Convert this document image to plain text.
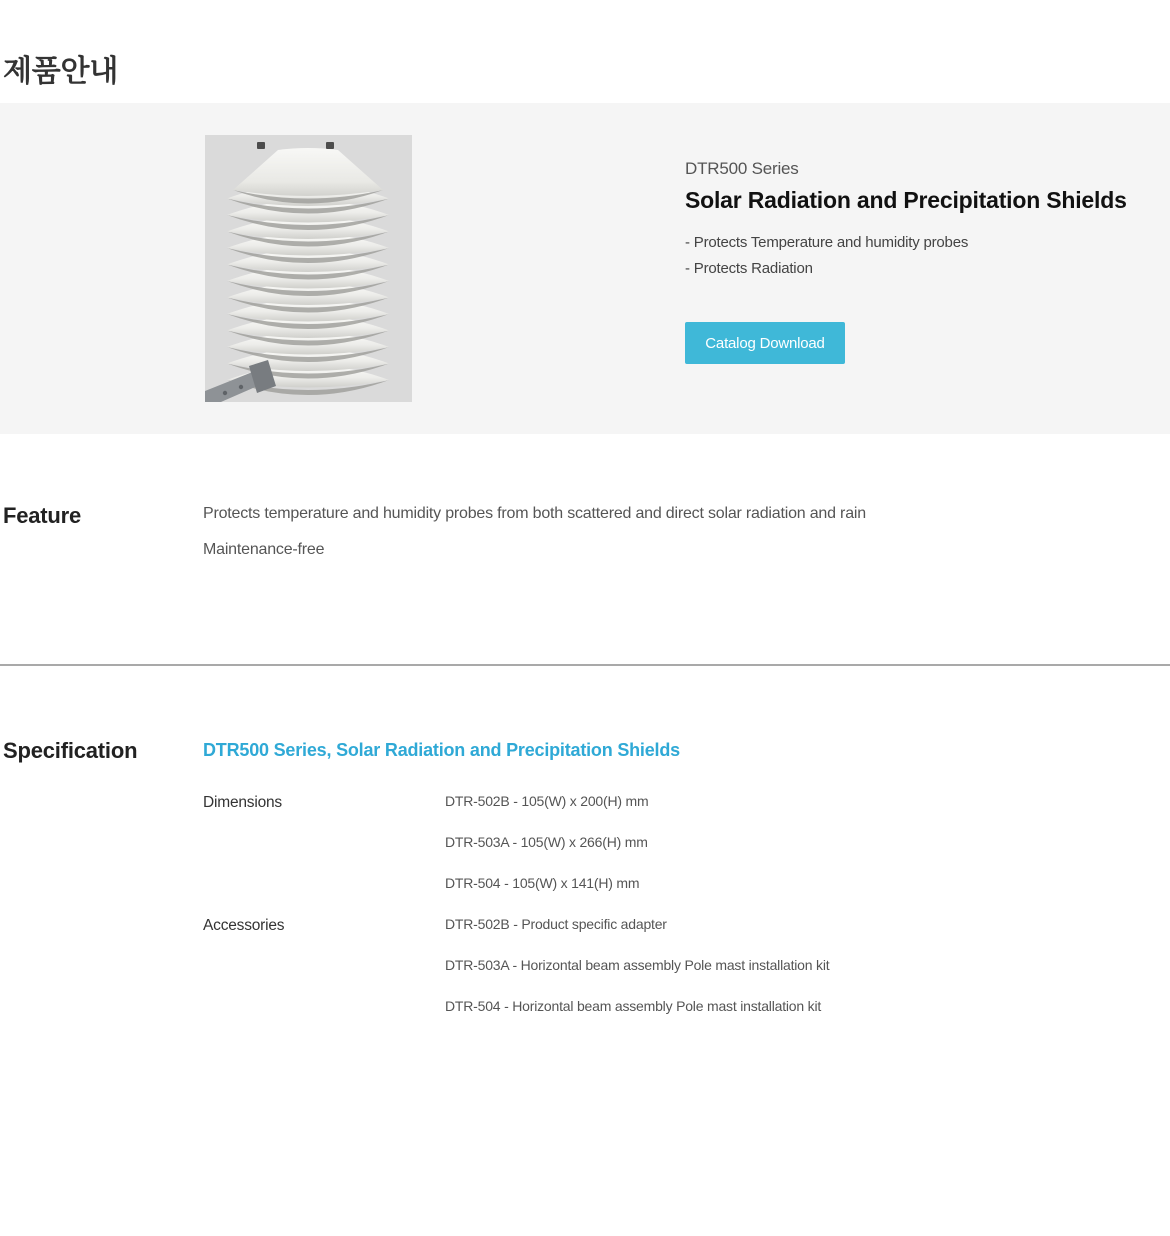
제품안내
DTR500 Series
Solar Radiation and Precipitation Shields
- Protects Temperature and humidity probes
- Protects Radiation
Catalog Download
Feature	Protects temperature and humidity probes from both scattered and direct solar radiation and rain

Maintenance-free

Specification	DTR500 Series, Solar Radiation and Precipitation Shields
Dimensions	DTR-502B - 105(W) x 200(H) mm
DTR-503A - 105(W) x 266(H) mm
DTR-504 - 105(W) x 141(H) mm
Accessories	DTR-502B - Product specific adapter
DTR-503A - Horizontal beam assembly Pole mast installation kit
DTR-504 - Horizontal beam assembly Pole mast installation kit
